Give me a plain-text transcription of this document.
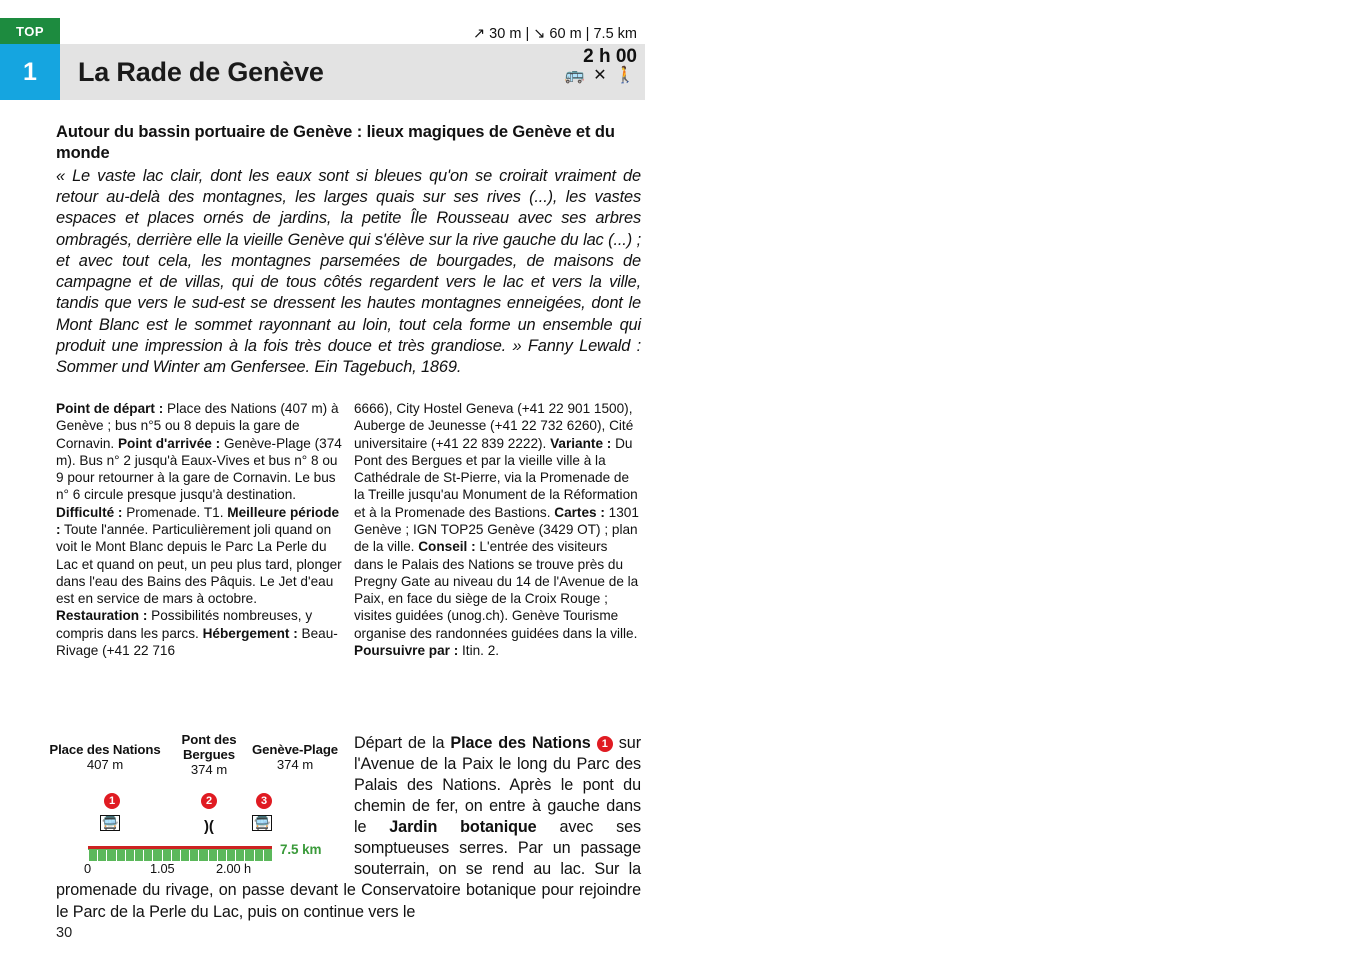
TOP	↗ 30 m | ↘ 60 m | 7.5 km
1	La Rade de Genève	2 h 00
🚌 ✕ 🚶
Autour du bassin portuaire de Genève : lieux magiques de Genève et du monde
« Le vaste lac clair, dont les eaux sont si bleues qu'on se croirait vraiment de retour au-delà des montagnes, les larges quais sur ses rives (...), les vastes espaces et places ornés de jardins, la petite Île Rousseau avec ses arbres ombragés, derrière elle la vieille Genève qui s'élève sur la rive gauche du lac (...) ; et avec tout cela, les montagnes parsemées de bourgades, de maisons de campagne et de villas, qui de tous côtés regardent vers le lac et vers la ville, tandis que vers le sud-est se dressent les hautes montagnes enneigées, dont le Mont Blanc est le sommet rayonnant au loin, tout cela forme un ensemble qui produit une impression à la fois très douce et très grandiose. » Fanny Lewald : Sommer und Winter am Genfersee. Ein Tagebuch, 1869.
Point de départ : Place des Nations (407 m) à Genève ; bus n°5 ou 8 depuis la gare de Cornavin. Point d'arrivée : Genève-Plage (374 m). Bus n° 2 jusqu'à Eaux-Vives et bus n° 8 ou 9 pour retourner à la gare de Cornavin. Le bus n° 6 circule presque jusqu'à destination. Difficulté : Promenade. T1. Meilleure période : Toute l'année. Particulièrement joli quand on voit le Mont Blanc depuis le Parc La Perle du Lac et quand on peut, un peu plus tard, plonger dans l'eau des Bains des Pâquis. Le Jet d'eau est en service de mars à octobre. Restauration : Possibilités nombreuses, y compris dans les parcs. Hébergement : Beau-Rivage (+41 22 716
6666), City Hostel Geneva (+41 22 901 1500), Auberge de Jeunesse (+41 22 732 6260), Cité universitaire (+41 22 839 2222). Variante : Du Pont des Bergues et par la vieille ville à la Cathédrale de St-Pierre, via la Promenade de la Treille jusqu'au Monument de la Réformation et à la Promenade des Bastions. Cartes : 1301 Genève ; IGN TOP25 Genève (3429 OT) ; plan de la ville. Conseil : L'entrée des visiteurs dans le Palais des Nations se trouve près du Pregny Gate au niveau du 14 de l'Avenue de la Paix, en face du siège de la Croix Rouge ; visites guidées (unog.ch). Genève Tourisme organise des randonnées guidées dans la ville. Poursuivre par : Itin. 2.
Place des Nations
407 m
Pont des Bergues
374 m
Genève-Plage
374 m
1	2	3
🚍	)(	🚍
7.5 km
0	1.05	2.00 h
Départ de la Place des Nations 1 sur l'Avenue de la Paix le long du Parc des Palais des Nations. Après le pont du chemin de fer, on entre à gauche dans le Jardin botanique avec ses somptueuses serres. Par un passage souterrain, on se rend au lac. Sur la promenade du rivage, on passe devant le Conservatoire botanique pour rejoindre le Parc de la Perle du Lac, puis on continue vers le
30
